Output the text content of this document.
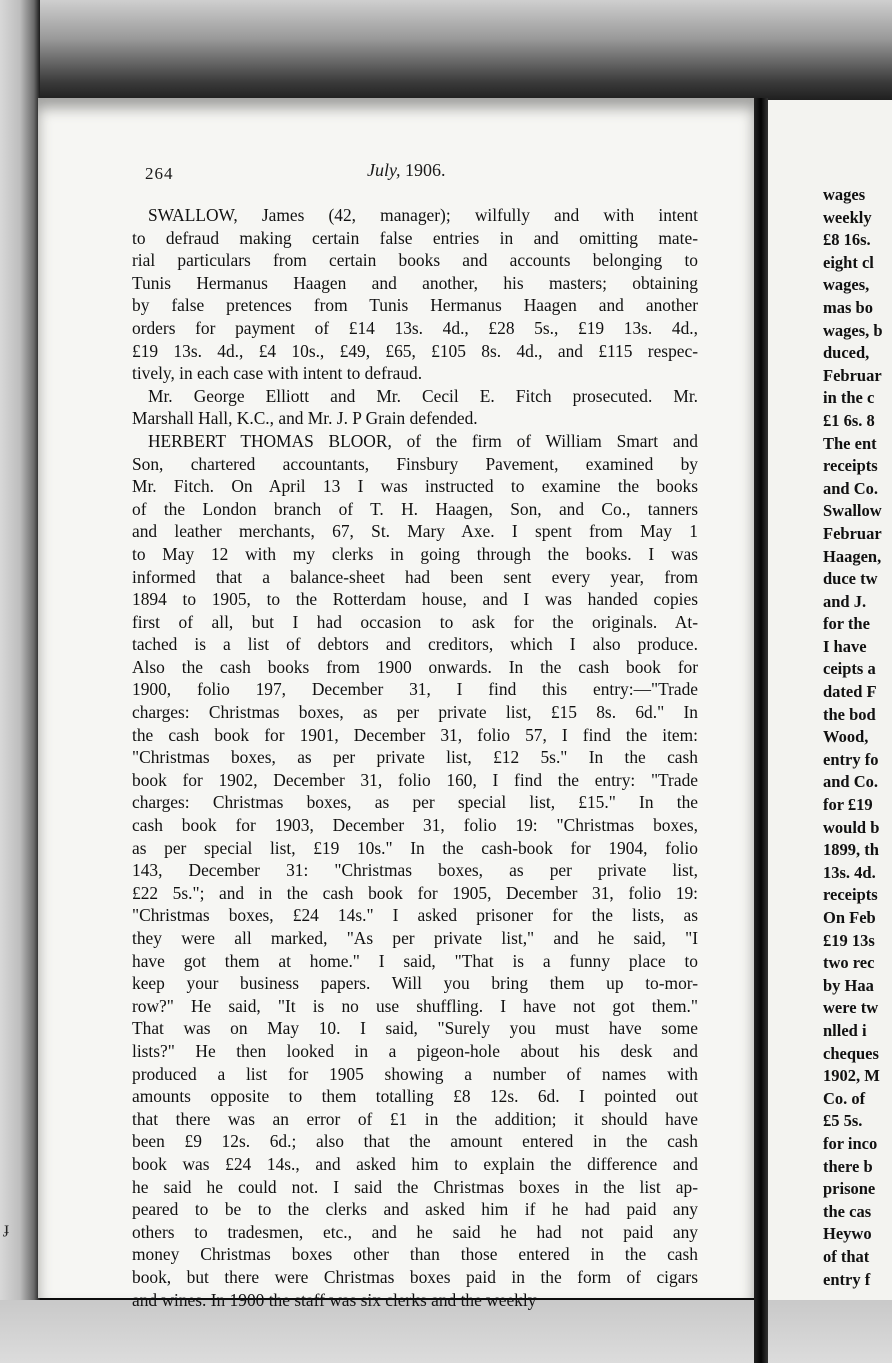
264	July, 1906.
SWALLOW, James (42, manager); wilfully and with intent
to defraud making certain false entries in and omitting mate-
rial particulars from certain books and accounts belonging to
Tunis Hermanus Haagen and another, his masters; obtaining
by false pretences from Tunis Hermanus Haagen and another
orders for payment of £14 13s. 4d., £28 5s., £19 13s. 4d.,
£19 13s. 4d., £4 10s., £49, £65, £105 8s. 4d., and £115 respec-
tively, in each case with intent to defraud.
Mr. George Elliott and Mr. Cecil E. Fitch prosecuted. Mr.
Marshall Hall, K.C., and Mr. J. P Grain defended.
HERBERT THOMAS BLOOR, of the firm of William Smart and
Son, chartered accountants, Finsbury Pavement, examined by
Mr. Fitch. On April 13 I was instructed to examine the books
of the London branch of T. H. Haagen, Son, and Co., tanners
and leather merchants, 67, St. Mary Axe. I spent from May 1
to May 12 with my clerks in going through the books. I was
informed that a balance-sheet had been sent every year, from
1894 to 1905, to the Rotterdam house, and I was handed copies
first of all, but I had occasion to ask for the originals. At-
tached is a list of debtors and creditors, which I also produce.
Also the cash books from 1900 onwards. In the cash book for
1900, folio 197, December 31, I find this entry:—"Trade
charges: Christmas boxes, as per private list, £15 8s. 6d." In
the cash book for 1901, December 31, folio 57, I find the item:
"Christmas boxes, as per private list, £12 5s." In the cash
book for 1902, December 31, folio 160, I find the entry: "Trade
charges: Christmas boxes, as per special list, £15." In the
cash book for 1903, December 31, folio 19: "Christmas boxes,
as per special list, £19 10s." In the cash-book for 1904, folio
143, December 31: "Christmas boxes, as per private list,
£22 5s."; and in the cash book for 1905, December 31, folio 19:
"Christmas boxes, £24 14s." I asked prisoner for the lists, as
they were all marked, "As per private list," and he said, "I
have got them at home." I said, "That is a funny place to
keep your business papers. Will you bring them up to-mor-
row?" He said, "It is no use shuffling. I have not got them."
That was on May 10. I said, "Surely you must have some
lists?" He then looked in a pigeon-hole about his desk and
produced a list for 1905 showing a number of names with
amounts opposite to them totalling £8 12s. 6d. I pointed out
that there was an error of £1 in the addition; it should have
been £9 12s. 6d.; also that the amount entered in the cash
book was £24 14s., and asked him to explain the difference and
he said he could not. I said the Christmas boxes in the list ap-
peared to be to the clerks and asked him if he had paid any
others to tradesmen, etc., and he said he had not paid any
money Christmas boxes other than those entered in the cash
book, but there were Christmas boxes paid in the form of cigars
and wines. In 1900 the staff was six clerks and the weekly
wages
weekly
£8 16s.
eight cl
wages,
mas bo
wages, b
duced,
Februar
in the c
£1 6s. 8
The ent
receipts
and Co.
Swallow
Februar
Haagen,
duce tw
and J.
for the
I have
ceipts a
dated F
the bod
Wood,
entry fo
and Co.
for £19
would b
1899, th
13s. 4d.
receipts
On Feb
£19 13s
two rec
by Haa
were tw
nlled i
cheques
1902, M
Co. of
£5 5s.
for inco
there b
prisone
the cas
Heywo
of that
entry f
ɟ
